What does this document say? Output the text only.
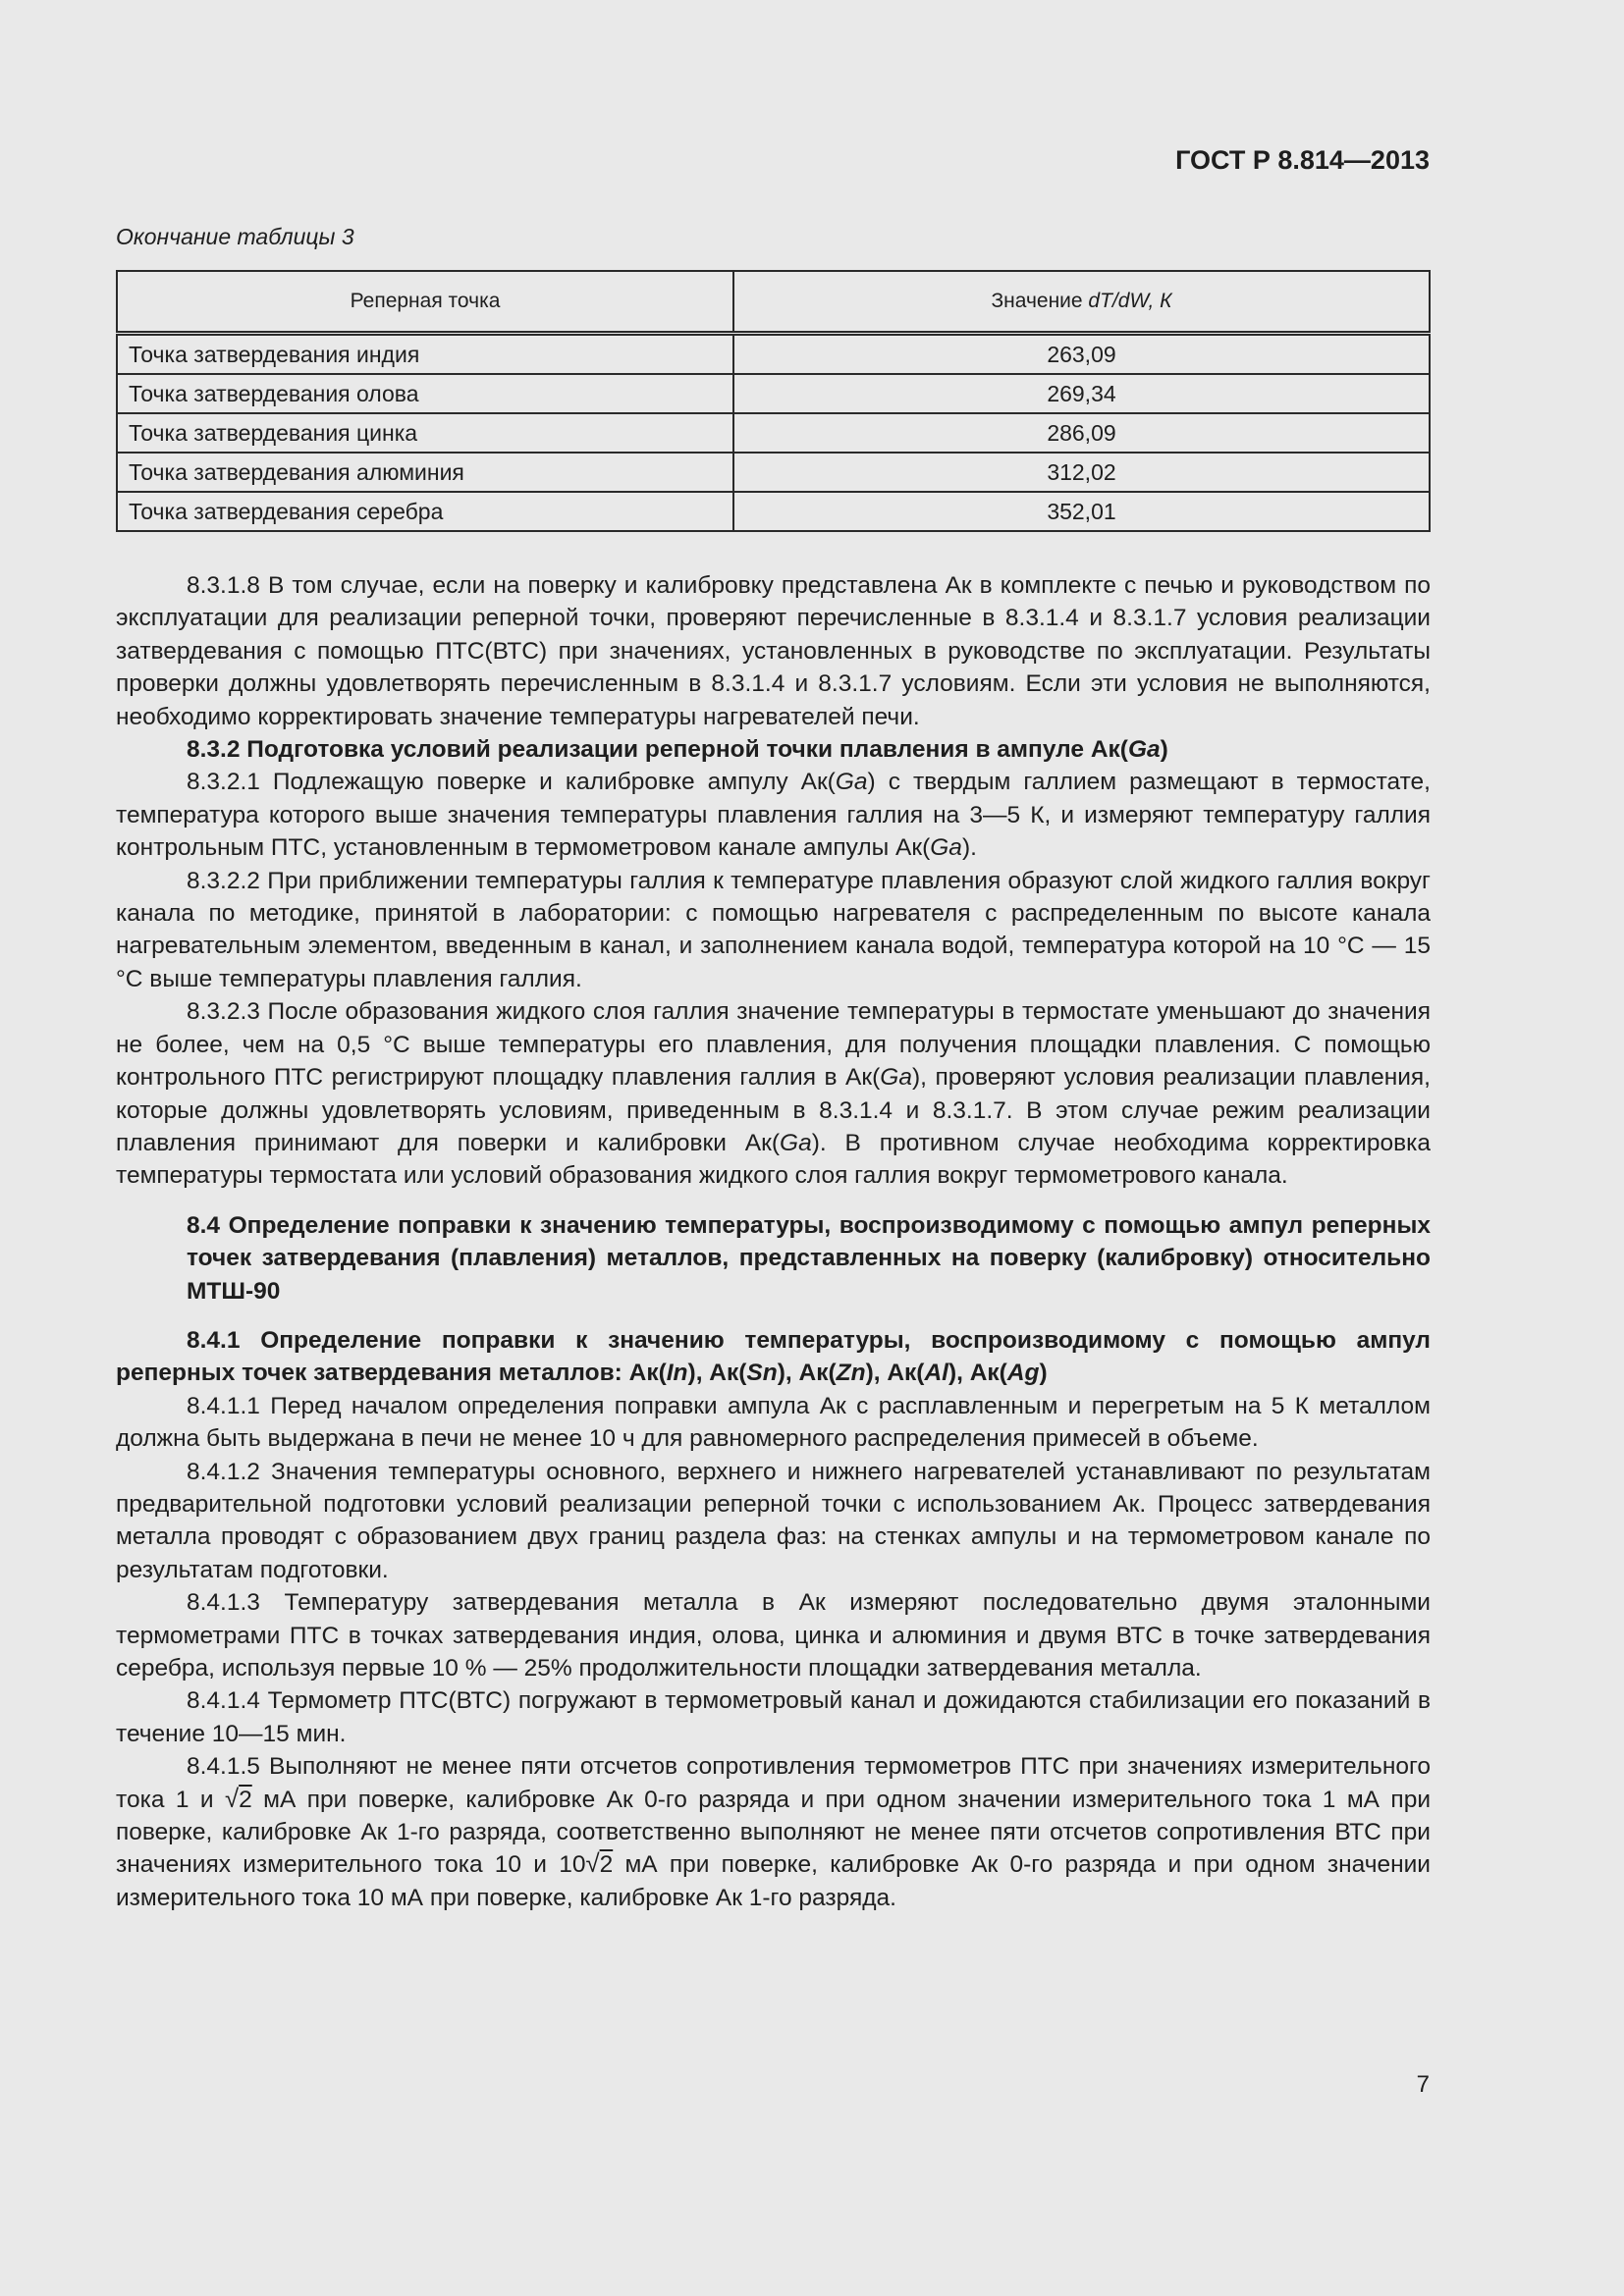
ГОСТ Р 8.814—2013
Окончание таблицы 3
Реперная точка	Значение dT/dW, К
Точка затвердевания индия	263,09
Точка затвердевания олова	269,34
Точка затвердевания цинка	286,09
Точка затвердевания алюминия	312,02
Точка затвердевания серебра	352,01

8.3.1.8 В том случае, если на поверку и калибровку представлена Ак в комплекте с печью и руководством по эксплуатации для реализации реперной точки, проверяют перечисленные в 8.3.1.4 и 8.3.1.7 условия реализации затвердевания с помощью ПТС(ВТС) при значениях, установленных в руководстве по эксплуатации. Результаты проверки должны удовлетворять перечисленным в 8.3.1.4 и 8.3.1.7 условиям. Если эти условия не выполняются, необходимо корректировать значение температуры нагревателей печи.

8.3.2 Подготовка условий реализации реперной точки плавления в ампуле Ак(Ga)

8.3.2.1 Подлежащую поверке и калибровке ампулу Ак(Ga) с твердым галлием размещают в термостате, температура которого выше значения температуры плавления галлия на 3—5 К, и измеряют температуру галлия контрольным ПТС, установленным в термометровом канале ампулы Ак(Ga).

8.3.2.2 При приближении температуры галлия к температуре плавления образуют слой жидкого галлия вокруг канала по методике, принятой в лаборатории: с помощью нагревателя с распределенным по высоте канала нагревательным элементом, введенным в канал, и заполнением канала водой, температура которой на 10 °С — 15 °С выше температуры плавления галлия.

8.3.2.3 После образования жидкого слоя галлия значение температуры в термостате уменьшают до значения не более, чем на 0,5 °С выше температуры его плавления, для получения площадки плавления. С помощью контрольного ПТС регистрируют площадку плавления галлия в Ак(Ga), проверяют условия реализации плавления, которые должны удовлетворять условиям, приведенным в 8.3.1.4 и 8.3.1.7. В этом случае режим реализации плавления принимают для поверки и калибровки Ак(Ga). В противном случае необходима корректировка температуры термостата или условий образования жидкого слоя галлия вокруг термометрового канала.

8.4 Определение поправки к значению температуры, воспроизводимому с помощью ампул реперных точек затвердевания (плавления) металлов, представленных на поверку (калибровку) относительно МТШ-90

8.4.1 Определение поправки к значению температуры, воспроизводимому с помощью ампул реперных точек затвердевания металлов: Ак(In), Ак(Sn), Ак(Zn), Ак(Al), Ак(Ag)

8.4.1.1 Перед началом определения поправки ампула Ак с расплавленным и перегретым на 5 К металлом должна быть выдержана в печи не менее 10 ч для равномерного распределения примесей в объеме.

8.4.1.2 Значения температуры основного, верхнего и нижнего нагревателей устанавливают по результатам предварительной подготовки условий реализации реперной точки с использованием Ак. Процесс затвердевания металла проводят с образованием двух границ раздела фаз: на стенках ампулы и на термометровом канале по результатам подготовки.

8.4.1.3 Температуру затвердевания металла в Ак измеряют последовательно двумя эталонными термометрами ПТС в точках затвердевания индия, олова, цинка и алюминия и двумя ВТС в точке затвердевания серебра, используя первые 10 % — 25% продолжительности площадки затвердевания металла.

8.4.1.4 Термометр ПТС(ВТС) погружают в термометровый канал и дожидаются стабилизации его показаний в течение 10—15 мин.

8.4.1.5 Выполняют не менее пяти отсчетов сопротивления термометров ПТС при значениях измерительного тока 1 и √2 мА при поверке, калибровке Ак 0-го разряда и при одном значении измерительного тока 1 мА при поверке, калибровке Ак 1-го разряда, соответственно выполняют не менее пяти отсчетов сопротивления ВТС при значениях измерительного тока 10 и 10√2 мА при поверке, калибровке Ак 0-го разряда и при одном значении измерительного тока 10 мА при поверке, калибровке Ак 1-го разряда.

7
